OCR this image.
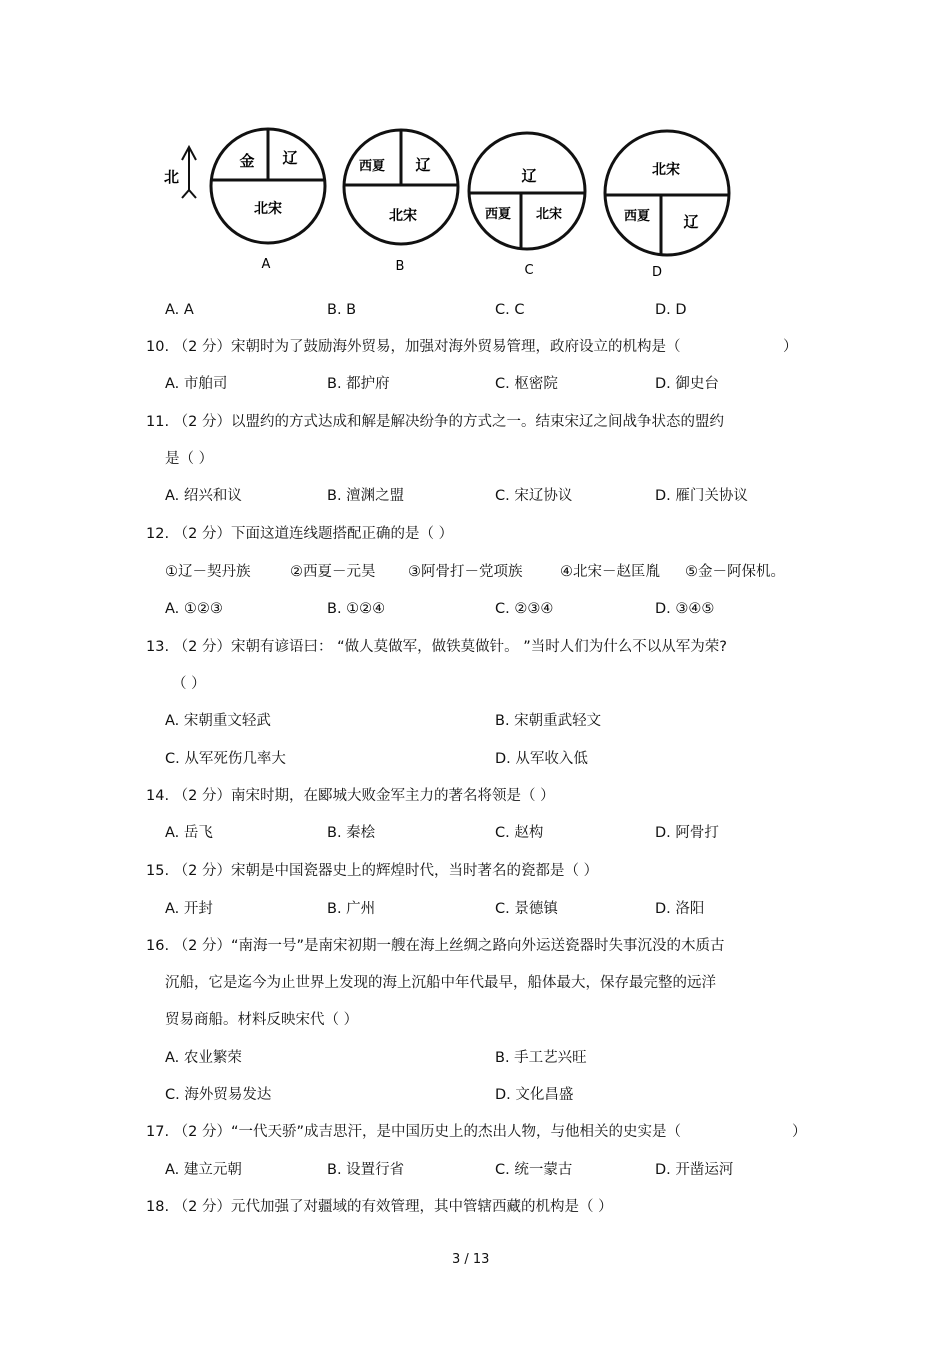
北
金 辽
北宋
A
西夏 辽
北宋
B
辽
西夏 北宋
C
北宋
西夏 辽
D
A. A	B. B	C. C	D. D
10. （2 分）宋朝时为了鼓励海外贸易，加强对海外贸易管理，政府设立的机构是（	）
A. 市舶司	B. 都护府	C. 枢密院	D. 御史台
11. （2 分）以盟约的方式达成和解是解决纷争的方式之一。结束宋辽之间战争状态的盟约
是（ ）
A. 绍兴和议	B. 澶渊之盟	C. 宋辽协议	D. 雁门关协议
12. （2 分）下面这道连线题搭配正确的是（ ）
①辽－契丹族	②西夏－元昊 ③阿骨打－党项族	④北宋－赵匡胤 ⑤金－阿保机。
A. ①②③	B. ①②④	C. ②③④	D. ③④⑤
13. （2 分）宋朝有谚语曰： “做人莫做军，做铁莫做针。 ”当时人们为什么不以从军为荣?
（ ）
A. 宋朝重文轻武	B. 宋朝重武轻文
C. 从军死伤几率大	D. 从军收入低
14. （2 分）南宋时期，在郾城大败金军主力的著名将领是（ ）
A. 岳飞	B. 秦桧	C. 赵构	D. 阿骨打
15. （2 分）宋朝是中国瓷器史上的辉煌时代，当时著名的瓷都是（ ）
A. 开封	B. 广州	C. 景德镇	D. 洛阳
16. （2 分）“南海一号”是南宋初期一艘在海上丝绸之路向外运送瓷器时失事沉没的木质古
沉船，它是迄今为止世界上发现的海上沉船中年代最早，船体最大，保存最完整的远洋
贸易商船。材料反映宋代（ ）
A. 农业繁荣	B. 手工艺兴旺
C. 海外贸易发达	D. 文化昌盛
17. （2 分）“一代天骄”成吉思汗，是中国历史上的杰出人物，与他相关的史实是（	）
A. 建立元朝	B. 设置行省	C. 统一蒙古	D. 开凿运河
18. （2 分）元代加强了对疆域的有效管理，其中管辖西藏的机构是（ ）
3 / 13
